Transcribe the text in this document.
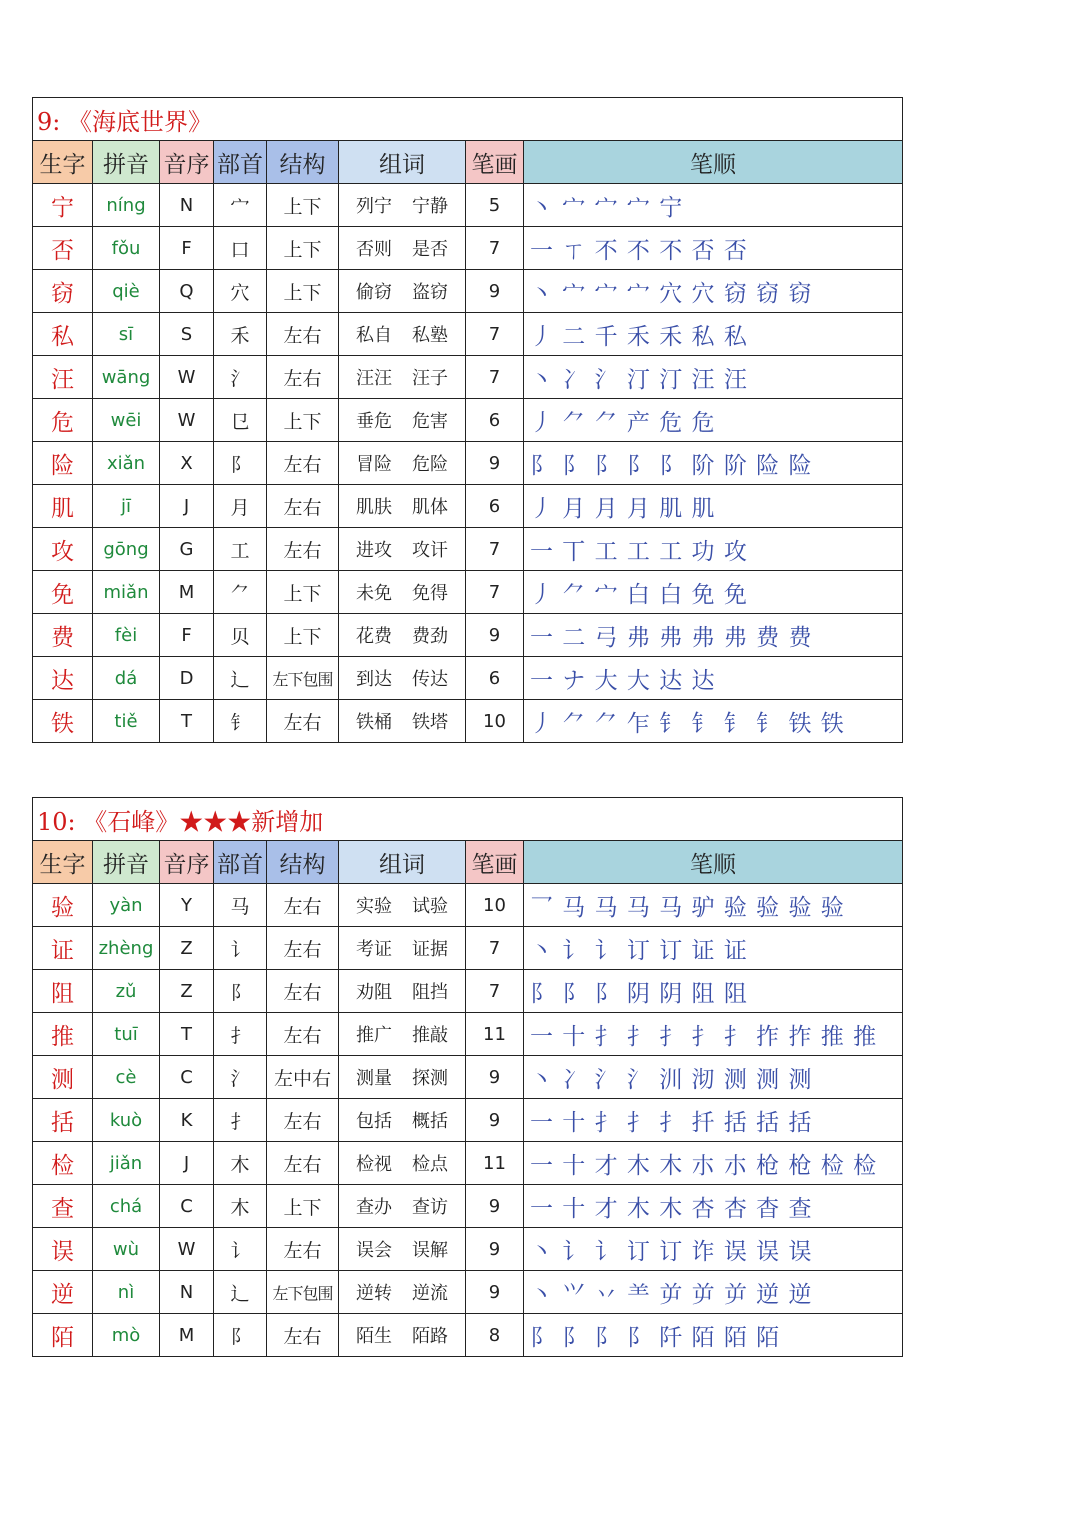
9: 《海底世界》							
生字	拼音	音序	部首	结构	组词	笔画	笔顺
宁	níng	N	宀	上下	列宁 宁静	5	丶 宀 宀 宀 宁
否	fǒu	F	口	上下	否则 是否	7	一 ㄒ 不 不 不 否 否
窃	qiè	Q	穴	上下	偷窃 盗窃	9	丶 宀 宀 宀 穴 穴 窃 窃 窃
私	sī	S	禾	左右	私自 私塾	7	丿 二 千 禾 禾 私 私
汪	wāng	W	氵	左右	汪汪 汪子	7	丶 冫 氵 汀 汀 汪 汪
危	wēi	W	㔾	上下	垂危 危害	6	丿 ⺈ ⺈ 产 危 危
险	xiǎn	X	阝	左右	冒险 危险	9	阝 阝 阝 阝 阝 阶 阶 险 险
肌	jī	J	月	左右	肌肤 肌体	6	丿 月 月 月 肌 肌
攻	gōng	G	工	左右	进攻 攻讦	7	一 丅 工 工 工 功 攻
免	miǎn	M	⺈	上下	未免 免得	7	丿 ⺈ 宀 白 白 免 免
费	fèi	F	贝	上下	花费 费劲	9	一 二 弓 弗 弗 弗 弗 费 费
达	dá	D	辶	左下包围	到达 传达	6	一 ナ 大 大 达 达
铁	tiě	T	钅	左右	铁桶 铁塔	10	丿 ⺈ ⺈ 乍 钅 钅 钅 钅 铁 铁
10: 《石峰》★★★新增加							
生字	拼音	音序	部首	结构	组词	笔画	笔顺
验	yàn	Y	马	左右	实验 试验	10	乛 马 马 马 马 驴 验 验 验 验
证	zhèng	Z	讠	左右	考证 证据	7	丶 讠 讠 订 订 证 证
阻	zǔ	Z	阝	左右	劝阻 阻挡	7	阝 阝 阝 阴 阴 阻 阻
推	tuī	T	扌	左右	推广 推敲	11	一 十 扌 扌 扌 扌 扌 拃 拃 推 推
测	cè	C	氵	左中右	测量 探测	9	丶 冫 氵 氵 汌 沏 测 测 测
括	kuò	K	扌	左右	包括 概括	9	一 十 扌 扌 扌 扦 括 括 括
检	jiǎn	J	木	左右	检视 检点	11	一 十 才 木 木 朩 朩 枪 枪 检 检
查	chá	C	木	上下	查办 查访	9	一 十 才 木 木 杏 杏 杳 查
误	wù	W	讠	左右	误会 误解	9	丶 讠 讠 订 订 诈 误 误 误
逆	nì	N	辶	左下包围	逆转 逆流	9	丶 ⺍ 丷 ⺷ 屰 屰 屰 逆 逆
陌	mò	M	阝	左右	陌生 陌路	8	阝 阝 阝 阝 阡 陌 陌 陌
